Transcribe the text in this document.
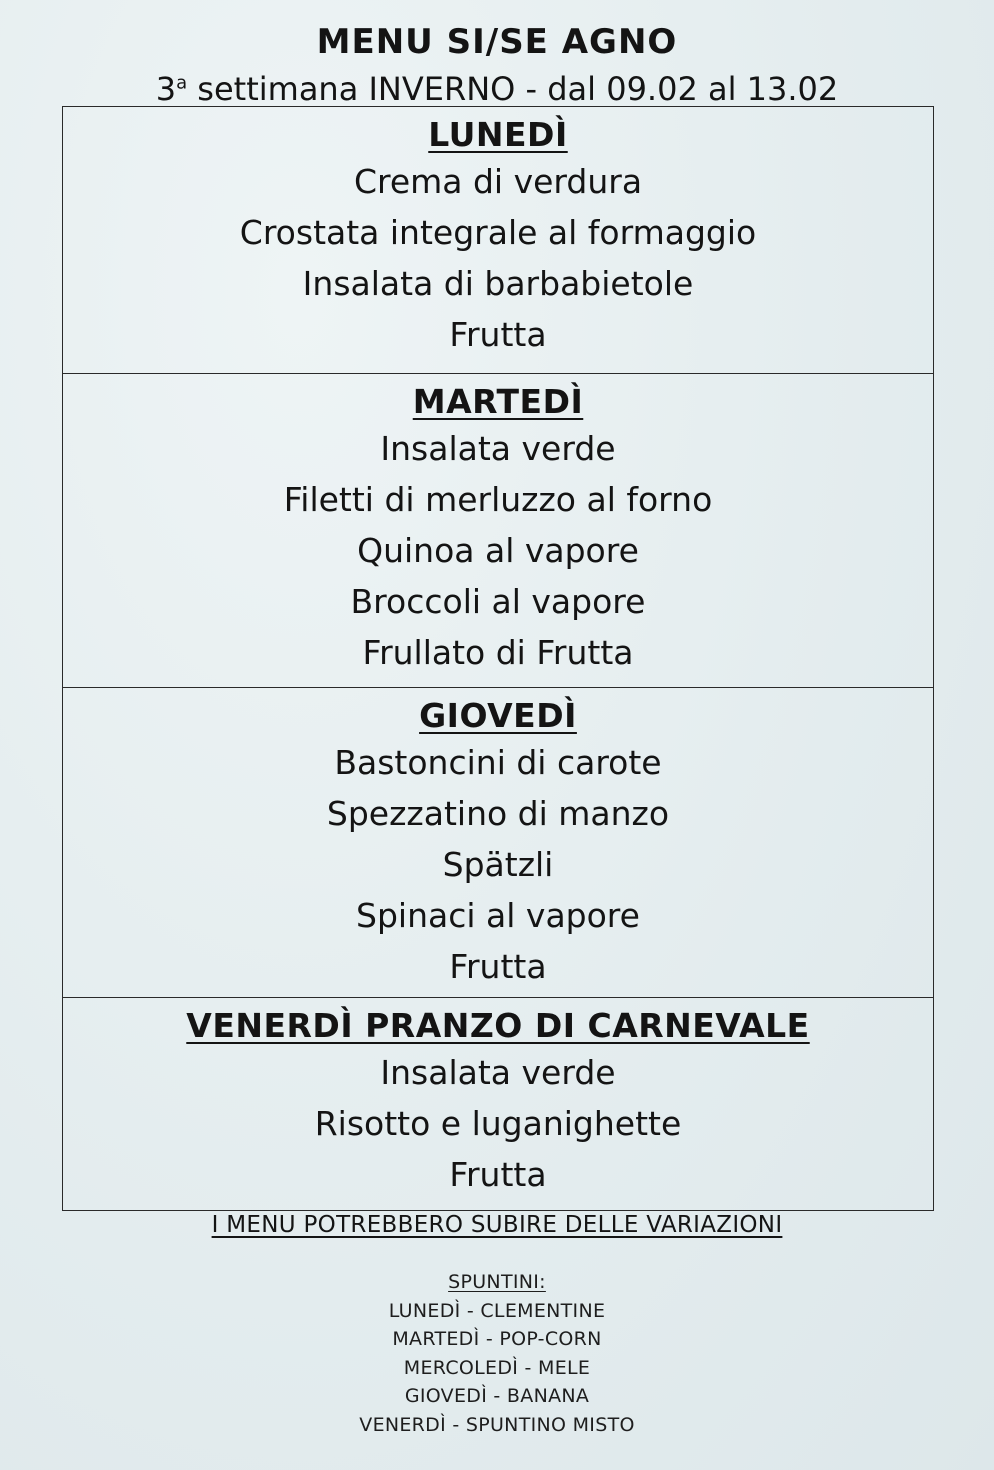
MENU SI/SE AGNO
3$^a$ settimana INVERNO - dal 09.02 al 13.02
LUNEDÌ
Crema di verdura
Crostata integrale al formaggio
Insalata di barbabietole
Frutta
MARTEDÌ
Insalata verde
Filetti di merluzzo al forno
Quinoa al vapore
Broccoli al vapore
Frullato di Frutta
GIOVEDÌ
Bastoncini di carote
Spezzatino di manzo
Spätzli
Spinaci al vapore
Frutta
VENERDÌ PRANZO DI CARNEVALE
Insalata verde
Risotto e luganighette
Frutta
I MENU POTREBBERO SUBIRE DELLE VARIAZIONI
SPUNTINI:
LUNEDÌ - CLEMENTINE
MARTEDÌ - POP-CORN
MERCOLEDÌ - MELE
GIOVEDÌ - BANANA
VENERDÌ - SPUNTINO MISTO
